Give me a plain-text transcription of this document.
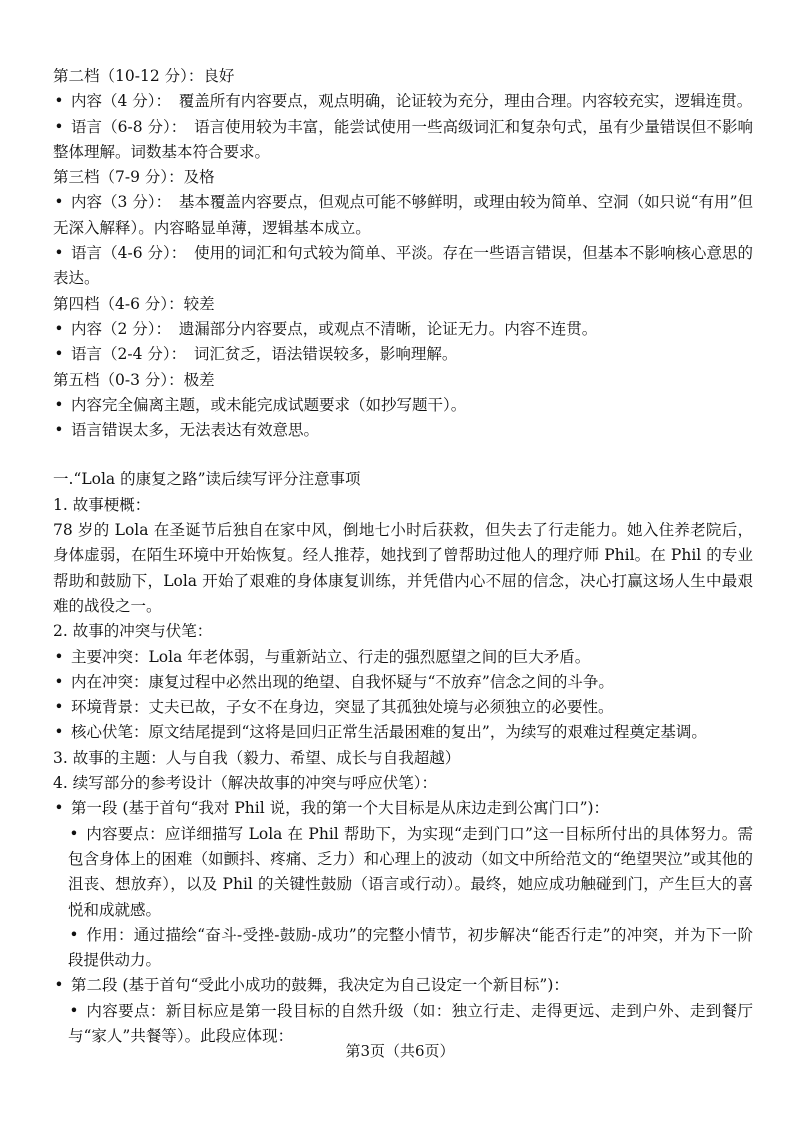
第二档（10-12 分）：良好

• 内容（4 分）：　覆盖所有内容要点，观点明确，论证较为充分，理由合理。内容较充实，逻辑连贯。

• 语言（6-8 分）：　语言使用较为丰富，能尝试使用一些高级词汇和复杂句式，虽有少量错误但不影响整体理解。词数基本符合要求。

第三档（7-9 分）：及格

• 内容（3 分）：　基本覆盖内容要点，但观点可能不够鲜明，或理由较为简单、空洞（如只说“有用”但无深入解释）。内容略显单薄，逻辑基本成立。

• 语言（4-6 分）：　使用的词汇和句式较为简单、平淡。存在一些语言错误，但基本不影响核心意思的表达。

第四档（4-6 分）：较差

• 内容（2 分）：　遗漏部分内容要点，或观点不清晰，论证无力。内容不连贯。

• 语言（2-4 分）：　词汇贫乏，语法错误较多，影响理解。

第五档（0-3 分）：极差

• 内容完全偏离主题，或未能完成试题要求（如抄写题干）。

• 语言错误太多，无法表达有效意思。

一.“Lola 的康复之路”读后续写评分注意事项

1. 故事梗概：

78 岁的 Lola 在圣诞节后独自在家中风，倒地七小时后获救，但失去了行走能力。她入住养老院后，身体虚弱，在陌生环境中开始恢复。经人推荐，她找到了曾帮助过他人的理疗师 Phil。在 Phil 的专业帮助和鼓励下，Lola 开始了艰难的身体康复训练，并凭借内心不屈的信念，决心打赢这场人生中最艰难的战役之一。

2. 故事的冲突与伏笔：

• 主要冲突：Lola 年老体弱，与重新站立、行走的强烈愿望之间的巨大矛盾。

• 内在冲突：康复过程中必然出现的绝望、自我怀疑与“不放弃”信念之间的斗争。

• 环境背景：丈夫已故，子女不在身边，突显了其孤独处境与必须独立的必要性。

• 核心伏笔：原文结尾提到“这将是回归正常生活最困难的复出”，为续写的艰难过程奠定基调。

3. 故事的主题：人与自我（毅力、希望、成长与自我超越）

4. 续写部分的参考设计（解决故事的冲突与呼应伏笔）：

• 第一段 (基于首句“我对 Phil 说，我的第一个大目标是从床边走到公寓门口”)：

• 内容要点：应详细描写 Lola 在 Phil 帮助下，为实现“走到门口”这一目标所付出的具体努力。需包含身体上的困难（如颤抖、疼痛、乏力）和心理上的波动（如文中所给范文的“绝望哭泣”或其他的沮丧、想放弃），以及 Phil 的关键性鼓励（语言或行动）。最终，她应成功触碰到门，产生巨大的喜悦和成就感。

• 作用：通过描绘“奋斗-受挫-鼓励-成功”的完整小情节，初步解决“能否行走”的冲突，并为下一阶段提供动力。

• 第二段 (基于首句“受此小成功的鼓舞，我决定为自己设定一个新目标”)：

• 内容要点：新目标应是第一段目标的自然升级（如：独立行走、走得更远、走到户外、走到餐厅与“家人”共餐等）。此段应体现：

第3页（共6页）
